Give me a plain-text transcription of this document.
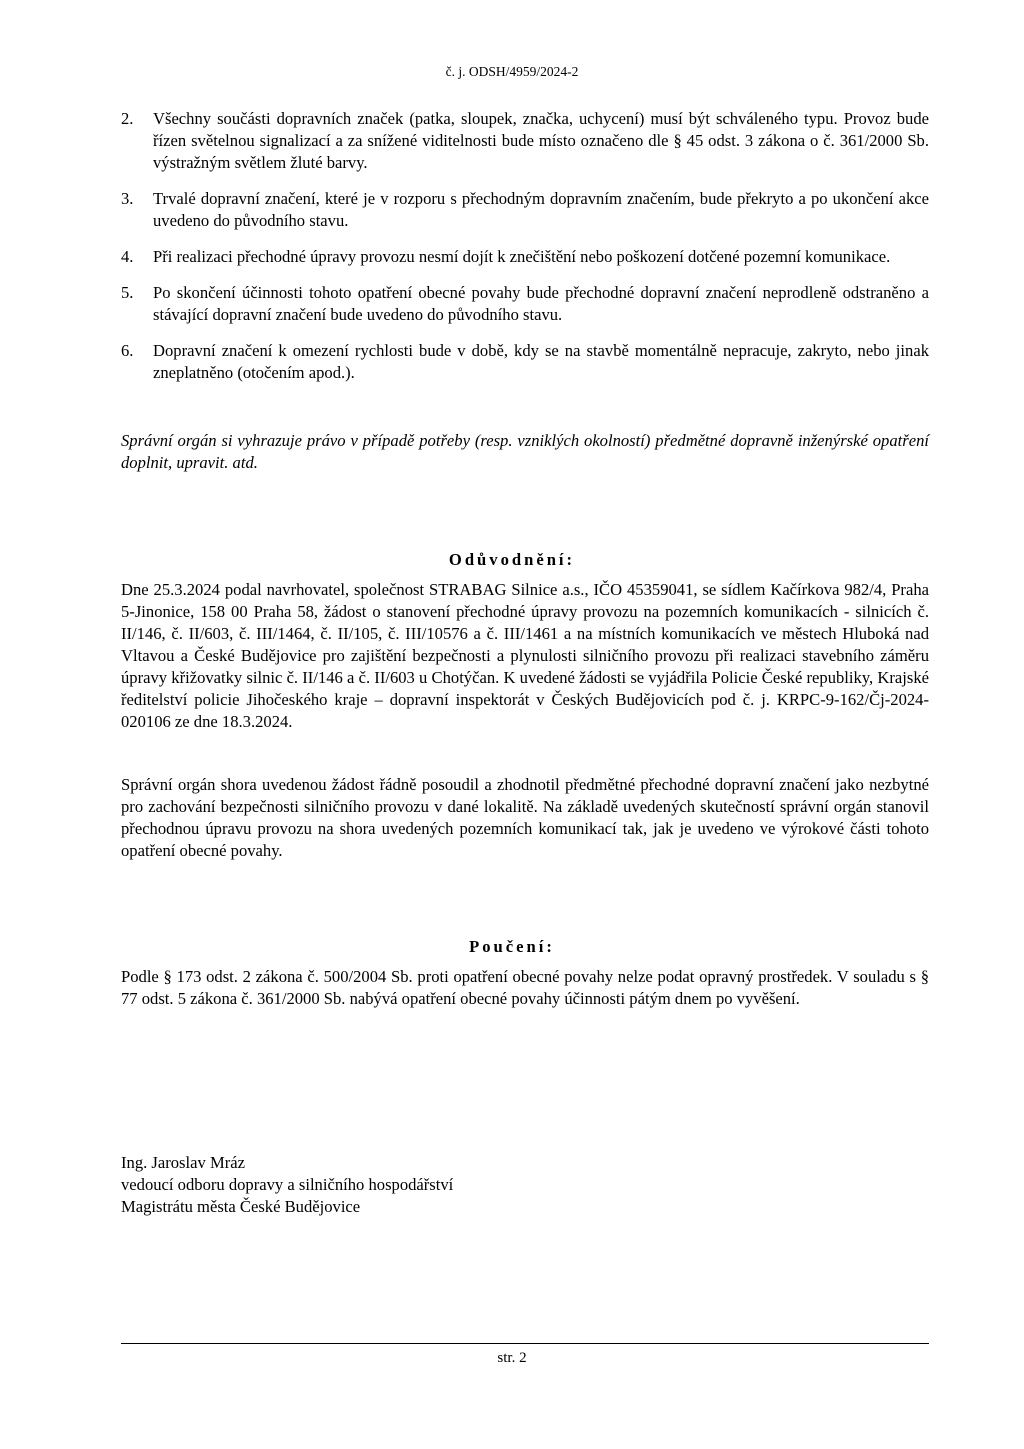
č. j. ODSH/4959/2024-2
2. Všechny součásti dopravních značek (patka, sloupek, značka, uchycení) musí být schváleného typu. Provoz bude řízen světelnou signalizací a za snížené viditelnosti bude místo označeno dle § 45 odst. 3 zákona o č. 361/2000 Sb. výstražným světlem žluté barvy.
3. Trvalé dopravní značení, které je v rozporu s přechodným dopravním značením, bude překryto a po ukončení akce uvedeno do původního stavu.
4. Při realizaci přechodné úpravy provozu nesmí dojít k znečištění nebo poškození dotčené pozemní komunikace.
5. Po skončení účinnosti tohoto opatření obecné povahy bude přechodné dopravní značení neprodleně odstraněno a stávající dopravní značení bude uvedeno do původního stavu.
6. Dopravní značení k omezení rychlosti bude v době, kdy se na stavbě momentálně nepracuje, zakryto, nebo jinak zneplatněno (otočením apod.).
Správní orgán si vyhrazuje právo v případě potřeby (resp. vzniklých okolností) předmětné dopravně inženýrské opatření doplnit, upravit. atd.
Odůvodnění:
Dne 25.3.2024 podal navrhovatel, společnost STRABAG Silnice a.s., IČO 45359041, se sídlem Kačírkova 982/4, Praha 5-Jinonice, 158 00 Praha 58, žádost o stanovení přechodné úpravy provozu na pozemních komunikacích - silnicích č. II/146, č. II/603, č. III/1464, č. II/105, č. III/10576 a č. III/1461 a na místních komunikacích ve městech Hluboká nad Vltavou a České Budějovice pro zajištění bezpečnosti a plynulosti silničního provozu při realizaci stavebního záměru úpravy křižovatky silnic č. II/146 a č. II/603 u Chotýčan. K uvedené žádosti se vyjádřila Policie České republiky, Krajské ředitelství policie Jihočeského kraje – dopravní inspektorát v Českých Budějovicích pod č. j. KRPC-9-162/Čj-2024-020106 ze dne 18.3.2024.
Správní orgán shora uvedenou žádost řádně posoudil a zhodnotil předmětné přechodné dopravní značení jako nezbytné pro zachování bezpečnosti silničního provozu v dané lokalitě. Na základě uvedených skutečností správní orgán stanovil přechodnou úpravu provozu na shora uvedených pozemních komunikací tak, jak je uvedeno ve výrokové části tohoto opatření obecné povahy.
Poučení:
Podle § 173 odst. 2 zákona č. 500/2004 Sb. proti opatření obecné povahy nelze podat opravný prostředek. V souladu s § 77 odst. 5 zákona č. 361/2000 Sb. nabývá opatření obecné povahy účinnosti pátým dnem po vyvěšení.
Ing. Jaroslav Mráz
vedoucí odboru dopravy a silničního hospodářství
Magistrátu města České Budějovice
str. 2
